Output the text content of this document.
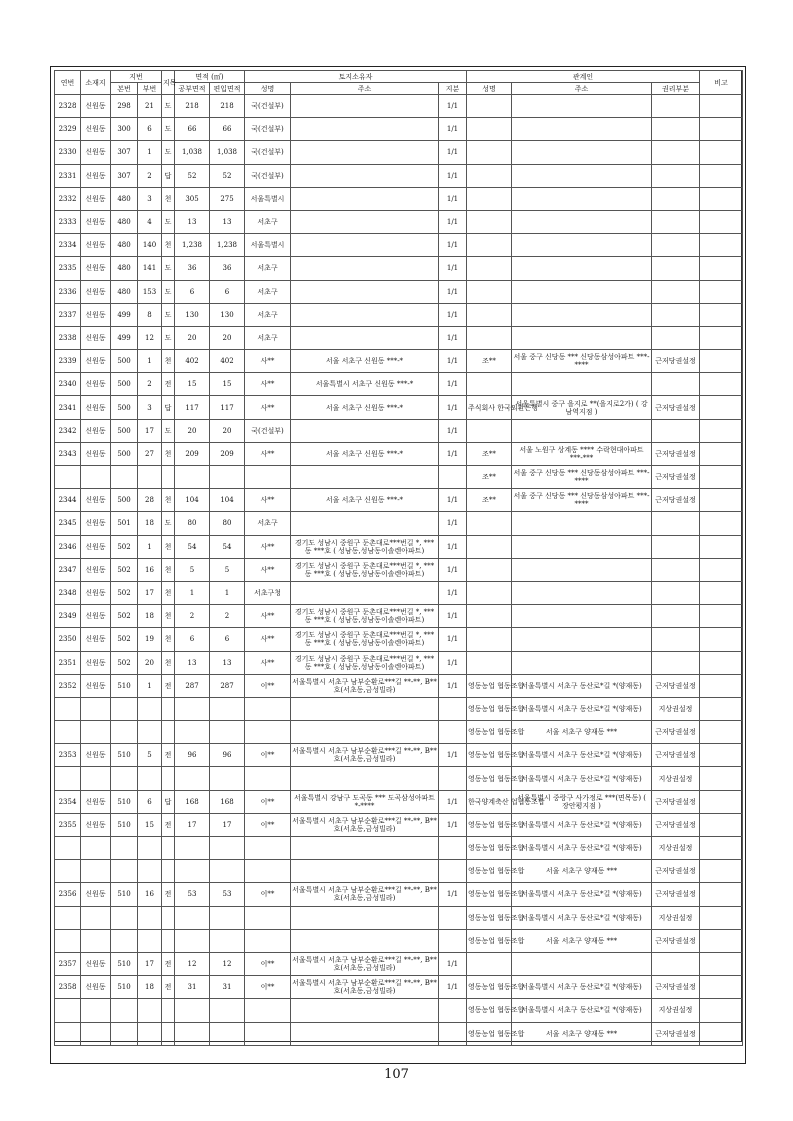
연번	소재지	지번		지목	면적 (㎡)		토지소유자			관계인			비고
		본번	부번		공부면적	편입면적	성명	주소	지분	성명	주소	권리부분	
2328	신원동	298	21	도	218	218	국(건설부)		1/1				
2329	신원동	300	6	도	66	66	국(건설부)		1/1				
2330	신원동	307	1	도	1,038	1,038	국(건설부)		1/1				
2331	신원동	307	2	답	52	52	국(건설부)		1/1				
2332	신원동	480	3	천	305	275	서울특별시		1/1				
2333	신원동	480	4	도	13	13	서초구		1/1				
2334	신원동	480	140	천	1,238	1,238	서울특별시		1/1				
2335	신원동	480	141	도	36	36	서초구		1/1				
2336	신원동	480	153	도	6	6	서초구		1/1				
2337	신원동	499	8	도	130	130	서초구		1/1				
2338	신원동	499	12	도	20	20	서초구		1/1				
2339	신원동	500	1	천	402	402	사**	서울 서초구 신원동 ***-*	1/1	조**	서울 중구 신당동 *** 신당동삼성아파트 ***-****	근저당권설정	
2340	신원동	500	2	전	15	15	사**	서울특별시 서초구 신원동 ***-*	1/1				
2341	신원동	500	3	답	117	117	사**	서울 서초구 신원동 ***-*	1/1	주식회사 한국외환은행	서울특별시 중구 을지로 **(을지로2가) ( 강남역지점 )	근저당권설정	
2342	신원동	500	17	도	20	20	국(건설부)		1/1				
2343	신원동	500	27	천	209	209	사**	서울 서초구 신원동 ***-*	1/1	조**	서울 노원구 상계동 **** 수락현대아파트 ***-***	근저당권설정	
										조**	서울 중구 신당동 *** 신당동삼성아파트 ***-****	근저당권설정	
2344	신원동	500	28	천	104	104	사**	서울 서초구 신원동 ***-*	1/1	조**	서울 중구 신당동 *** 신당동삼성아파트 ***-****	근저당권설정	
2345	신원동	501	18	도	80	80	서초구		1/1				
2346	신원동	502	1	천	54	54	사**	경기도 성남시 중원구 둔촌대로***번길 *, ***동 ***호 ( 성남동,성남동이솔렌아파트)	1/1				
2347	신원동	502	16	천	5	5	사**	경기도 성남시 중원구 둔촌대로***번길 *, ***동 ***호 ( 성남동,성남동이솔렌아파트)	1/1				
2348	신원동	502	17	천	1	1	서초구청		1/1				
2349	신원동	502	18	천	2	2	사**	경기도 성남시 중원구 둔촌대로***번길 *, ***동 ***호 ( 성남동,성남동이솔렌아파트)	1/1				
2350	신원동	502	19	천	6	6	사**	경기도 성남시 중원구 둔촌대로***번길 *, ***동 ***호 ( 성남동,성남동이솔렌아파트)	1/1				
2351	신원동	502	20	천	13	13	사**	경기도 성남시 중원구 둔촌대로***번길 *, ***동 ***호 ( 성남동,성남동이솔렌아파트)	1/1				
2352	신원동	510	1	전	287	287	이**	서울특별시 서초구 남부순환로***길 **-**, B**호(서초동,금성빌라)	1/1	영동농업 협동조합	서울특별시 서초구 동산로*길 *(양재동)	근저당권설정	
										영동농업 협동조합	서울특별시 서초구 동산로*길 *(양재동)	지상권설정	
										영동농업 협동조합	서울 서초구 양재동 ***	근저당권설정	
2353	신원동	510	5	전	96	96	이**	서울특별시 서초구 남부순환로***길 **-**, B**호(서초동,금성빌라)	1/1	영동농업 협동조합	서울특별시 서초구 동산로*길 *(양재동)	근저당권설정	
										영동농업 협동조합	서울특별시 서초구 동산로*길 *(양재동)	지상권설정	
2354	신원동	510	6	답	168	168	이**	서울특별시 강남구 도곡동 *** 도곡삼성아파트 *-****	1/1	한국양계축산 업협동조합	서울특별시 중랑구 사가정로 ***(면목동) ( 장안평지점 )	근저당권설정	
2355	신원동	510	15	전	17	17	이**	서울특별시 서초구 남부순환로***길 **-**, B**호(서초동,금성빌라)	1/1	영동농업 협동조합	서울특별시 서초구 동산로*길 *(양재동)	근저당권설정	
										영동농업 협동조합	서울특별시 서초구 동산로*길 *(양재동)	지상권설정	
										영동농업 협동조합	서울 서초구 양재동 ***	근저당권설정	
2356	신원동	510	16	전	53	53	이**	서울특별시 서초구 남부순환로***길 **-**, B**호(서초동,금성빌라)	1/1	영동농업 협동조합	서울특별시 서초구 동산로*길 *(양재동)	근저당권설정	
										영동농업 협동조합	서울특별시 서초구 동산로*길 *(양재동)	지상권설정	
										영동농업 협동조합	서울 서초구 양재동 ***	근저당권설정	
2357	신원동	510	17	전	12	12	이**	서울특별시 서초구 남부순환로***길 **-**, B**호(서초동,금성빌라)	1/1				
2358	신원동	510	18	전	31	31	이**	서울특별시 서초구 남부순환로***길 **-**, B**호(서초동,금성빌라)	1/1	영동농업 협동조합	서울특별시 서초구 동산로*길 *(양재동)	근저당권설정	
										영동농업 협동조합	서울특별시 서초구 동산로*길 *(양재동)	지상권설정	
										영동농업 협동조합	서울 서초구 양재동 ***	근저당권설정	
107
